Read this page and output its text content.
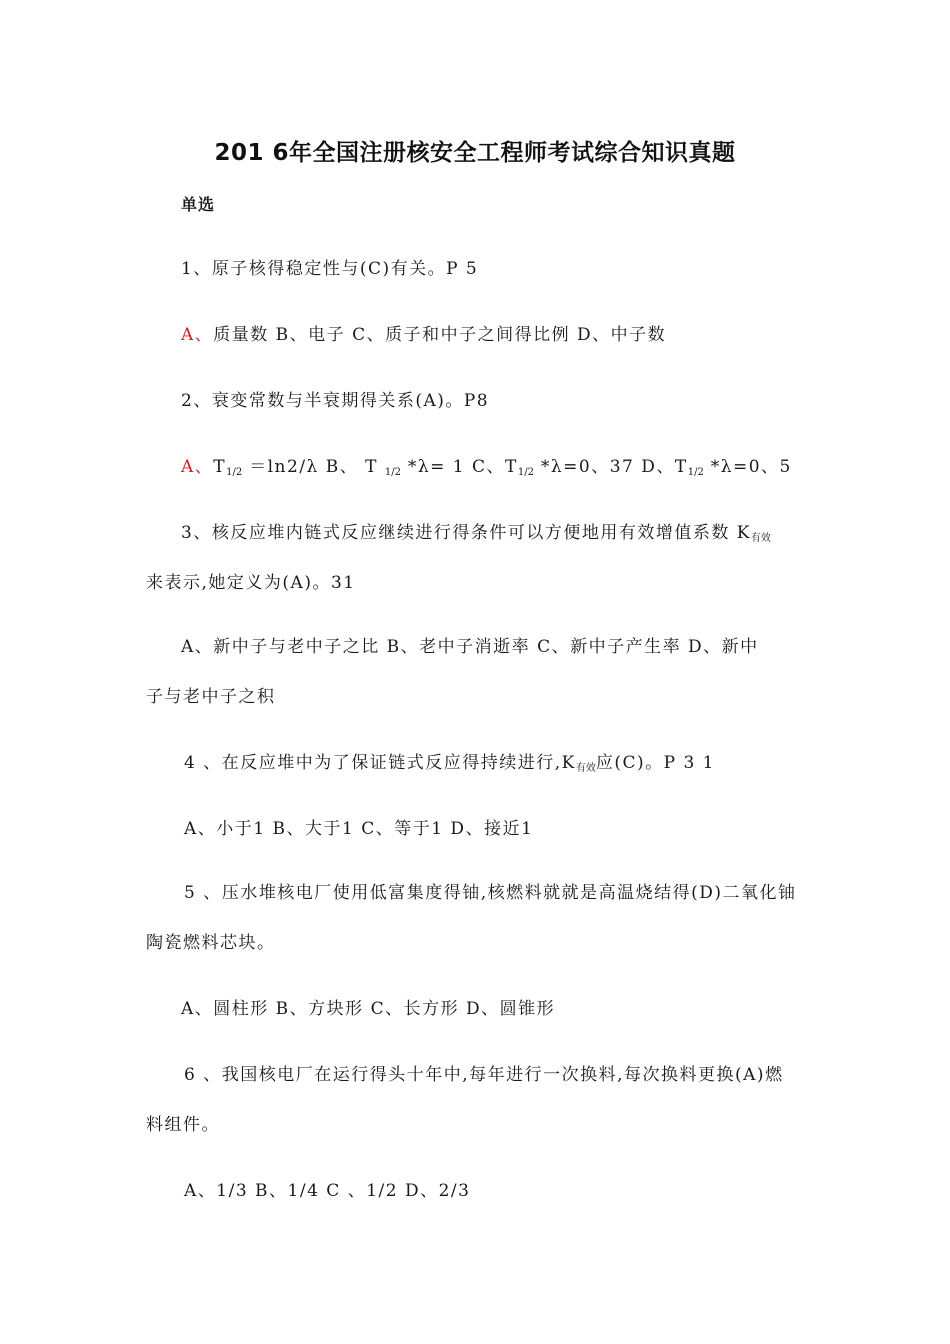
201 6年全国注册核安全工程师考试综合知识真题
单选
1、原子核得稳定性与(C)有关。P 5
A、质量数 B、电子 C、质子和中子之间得比例 D、中子数
2、衰变常数与半衰期得关系(A)。P8
A、$T_{1/2} =\ln 2/\lambda$ B、 T $_{1/2}$ *λ= 1 C、$T_{1/2}$ *λ=0、37 D、$T_{1/2}$ *λ=0、5
3、核反应堆内链式反应继续进行得条件可以方便地用有效增值系数 $K_{有效}$
来表示,她定义为(A)。31
A、新中子与老中子之比 B、老中子消逝率 C、新中子产生率 D、新中
子与老中子之积
4 、在反应堆中为了保证链式反应得持续进行$,K_{有效}$应(C)。P 3 1
A、小于1 B、大于1 C、等于1 D、接近1
5 、压水堆核电厂使用低富集度得铀,核燃料就就是高温烧结得(D)二氧化铀
陶瓷燃料芯块。
A、圆柱形 B、方块形 C、长方形 D、圆锥形
6 、我国核电厂在运行得头十年中,每年进行一次换料,每次换料更换(A)燃
料组件。
A、1/3 B、1/4 C 、1/2 D、2/3
